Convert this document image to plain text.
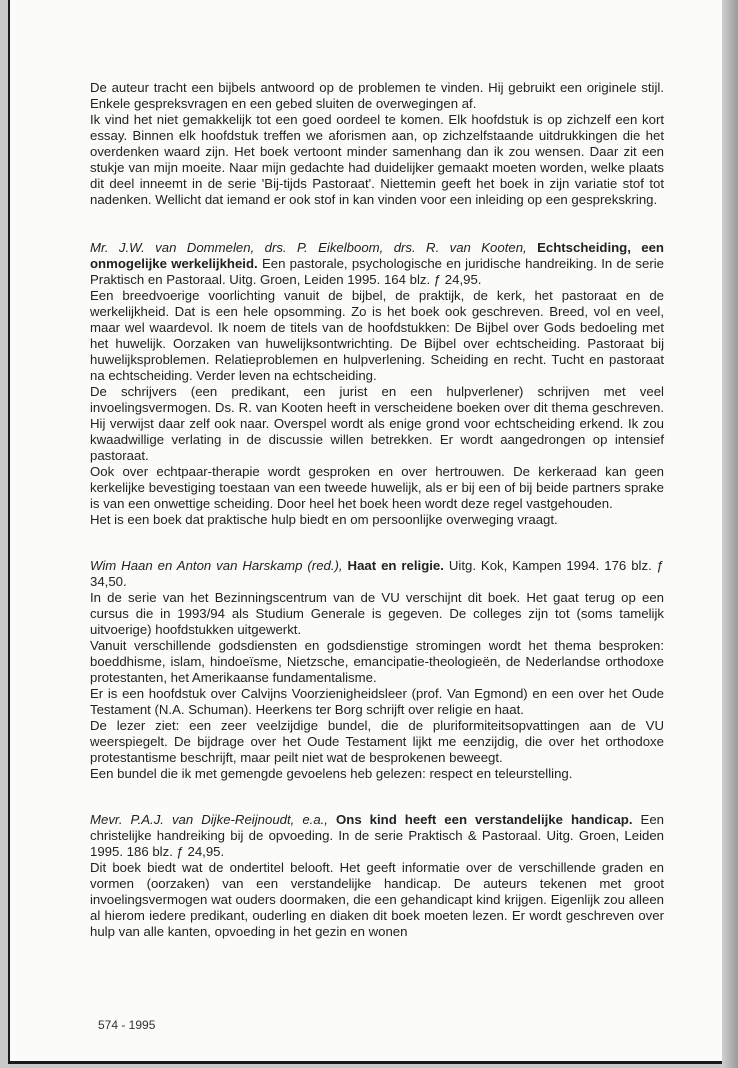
De auteur tracht een bijbels antwoord op de problemen te vinden. Hij gebruikt een originele stijl. Enkele gespreksvragen en een gebed sluiten de overwegingen af.

Ik vind het niet gemakkelijk tot een goed oordeel te komen. Elk hoofdstuk is op zichzelf een kort essay. Binnen elk hoofdstuk treffen we aforismen aan, op zichzelfstaande uitdrukkingen die het overdenken waard zijn. Het boek vertoont minder samenhang dan ik zou wensen. Daar zit een stukje van mijn moeite. Naar mijn gedachte had duidelijker gemaakt moeten worden, welke plaats dit deel inneemt in de serie 'Bij-tijds Pastoraat'. Niettemin geeft het boek in zijn variatie stof tot nadenken. Wellicht dat iemand er ook stof in kan vinden voor een inleiding op een gesprekskring.

Mr. J.W. van Dommelen, drs. P. Eikelboom, drs. R. van Kooten, Echtscheiding, een onmogelijke werkelijkheid. Een pastorale, psychologische en juridische handreiking. In de serie Praktisch en Pastoraal. Uitg. Groen, Leiden 1995. 164 blz. ƒ 24,95.

Een breedvoerige voorlichting vanuit de bijbel, de praktijk, de kerk, het pastoraat en de werkelijkheid. Dat is een hele opsomming. Zo is het boek ook geschreven. Breed, vol en veel, maar wel waardevol. Ik noem de titels van de hoofdstukken: De Bijbel over Gods bedoeling met het huwelijk. Oorzaken van huwelijksontwrichting. De Bijbel over echtscheiding. Pastoraat bij huwelijksproblemen. Relatieproblemen en hulpverlening. Scheiding en recht. Tucht en pastoraat na echtscheiding. Verder leven na echtscheiding.

De schrijvers (een predikant, een jurist en een hulpverlener) schrijven met veel invoelingsvermogen. Ds. R. van Kooten heeft in verscheidene boeken over dit thema geschreven. Hij verwijst daar zelf ook naar. Overspel wordt als enige grond voor echtscheiding erkend. Ik zou kwaadwillige verlating in de discussie willen betrekken. Er wordt aangedrongen op intensief pastoraat.

Ook over echtpaar-therapie wordt gesproken en over hertrouwen. De kerkeraad kan geen kerkelijke bevestiging toestaan van een tweede huwelijk, als er bij een of bij beide partners sprake is van een onwettige scheiding. Door heel het boek heen wordt deze regel vastgehouden.

Het is een boek dat praktische hulp biedt en om persoonlijke overweging vraagt.

Wim Haan en Anton van Harskamp (red.), Haat en religie. Uitg. Kok, Kampen 1994. 176 blz. ƒ 34,50.

In de serie van het Bezinningscentrum van de VU verschijnt dit boek. Het gaat terug op een cursus die in 1993/94 als Studium Generale is gegeven. De colleges zijn tot (soms tamelijk uitvoerige) hoofdstukken uitgewerkt.

Vanuit verschillende godsdiensten en godsdienstige stromingen wordt het thema besproken: boeddhisme, islam, hindoeïsme, Nietzsche, emancipatie-theologieën, de Nederlandse orthodoxe protestanten, het Amerikaanse fundamentalisme.

Er is een hoofdstuk over Calvijns Voorzienigheidsleer (prof. Van Egmond) en een over het Oude Testament (N.A. Schuman). Heerkens ter Borg schrijft over religie en haat.

De lezer ziet: een zeer veelzijdige bundel, die de pluriformiteitsopvattingen aan de VU weerspiegelt. De bijdrage over het Oude Testament lijkt me eenzijdig, die over het orthodoxe protestantisme beschrijft, maar peilt niet wat de besprokenen beweegt.

Een bundel die ik met gemengde gevoelens heb gelezen: respect en teleurstelling.

Mevr. P.A.J. van Dijke-Reijnoudt, e.a., Ons kind heeft een verstandelijke handicap. Een christelijke handreiking bij de opvoeding. In de serie Praktisch & Pastoraal. Uitg. Groen, Leiden 1995. 186 blz. ƒ 24,95.

Dit boek biedt wat de ondertitel belooft. Het geeft informatie over de verschillende graden en vormen (oorzaken) van een verstandelijke handicap. De auteurs tekenen met groot invoelingsvermogen wat ouders doormaken, die een gehandicapt kind krijgen. Eigenlijk zou alleen al hierom iedere predikant, ouderling en diaken dit boek moeten lezen. Er wordt geschreven over hulp van alle kanten, opvoeding in het gezin en wonen

574 - 1995
